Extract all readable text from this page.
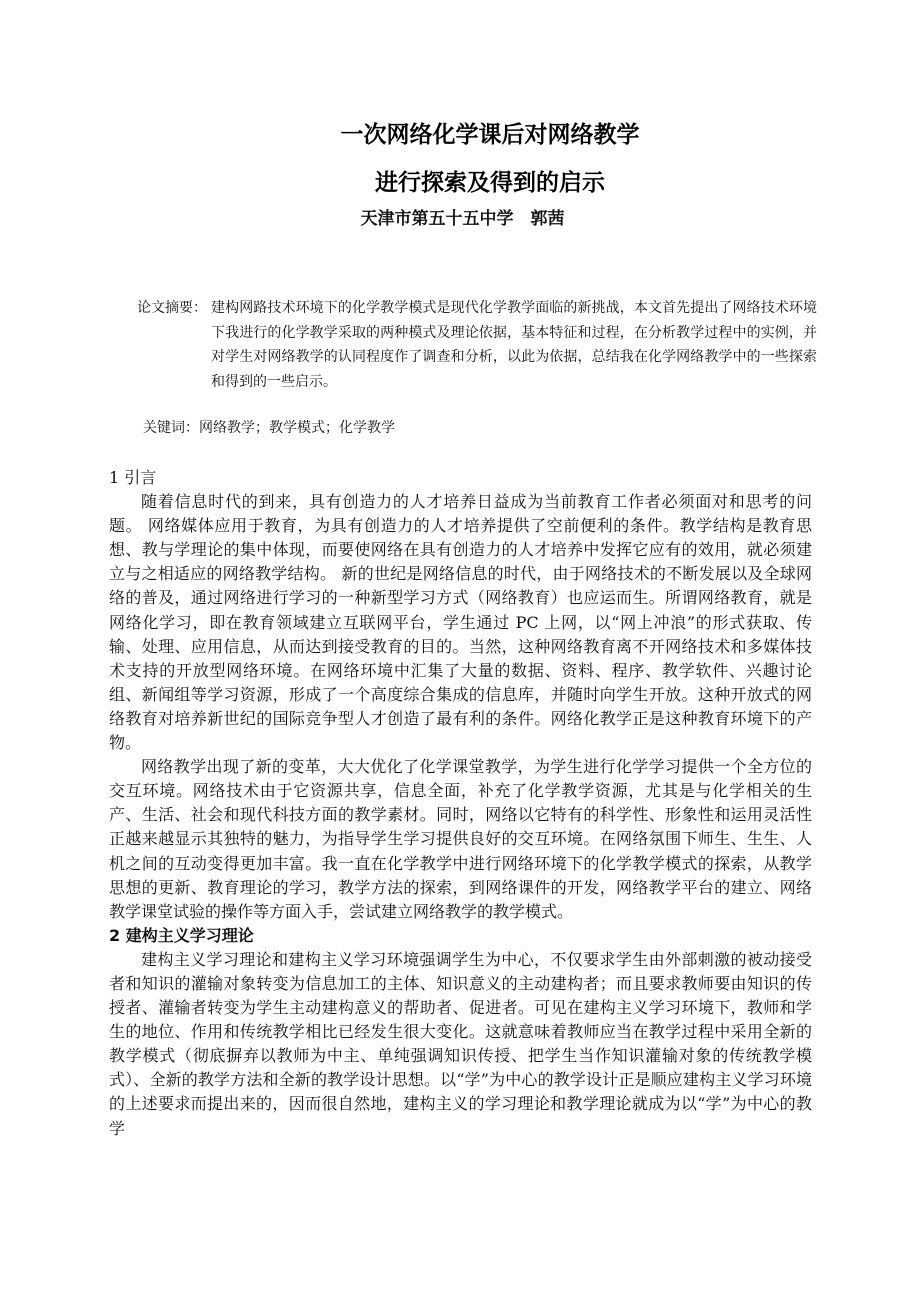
一次网络化学课后对网络教学
进行探索及得到的启示
天津市第五十五中学　郭茜
论文摘要： 建构网路技术环境下的化学教学模式是现代化学教学面临的新挑战，本文首先提出了网络技术环境下我进行的化学教学采取的两种模式及理论依据，基本特征和过程，在分析教学过程中的实例，并对学生对网络教学的认同程度作了调查和分析，以此为依据，总结我在化学网络教学中的一些探索和得到的一些启示。
关键词：网络教学；教学模式；化学教学
1 引言

随着信息时代的到来，具有创造力的人才培养日益成为当前教育工作者必须面对和思考的问题。 网络媒体应用于教育，为具有创造力的人才培养提供了空前便利的条件。教学结构是教育思想、教与学理论的集中体现，而要使网络在具有创造力的人才培养中发挥它应有的效用，就必须建立与之相适应的网络教学结构。 新的世纪是网络信息的时代，由于网络技术的不断发展以及全球网络的普及，通过网络进行学习的一种新型学习方式（网络教育）也应运而生。所谓网络教育，就是网络化学习，即在教育领域建立互联网平台，学生通过 PC 上网，以“网上冲浪”的形式获取、传输、处理、应用信息，从而达到接受教育的目的。当然，这种网络教育离不开网络技术和多媒体技术支持的开放型网络环境。在网络环境中汇集了大量的数据、资料、程序、教学软件、兴趣讨论组、新闻组等学习资源，形成了一个高度综合集成的信息库，并随时向学生开放。这种开放式的网络教育对培养新世纪的国际竞争型人才创造了最有利的条件。网络化教学正是这种教育环境下的产物。

网络教学出现了新的变革，大大优化了化学课堂教学，为学生进行化学学习提供一个全方位的交互环境。网络技术由于它资源共享，信息全面，补充了化学教学资源，尤其是与化学相关的生产、生活、社会和现代科技方面的教学素材。同时，网络以它特有的科学性、形象性和运用灵活性正越来越显示其独特的魅力，为指导学生学习提供良好的交互环境。在网络氛围下师生、生生、人机之间的互动变得更加丰富。我一直在化学教学中进行网络环境下的化学教学模式的探索，从教学思想的更新、教育理论的学习，教学方法的探索，到网络课件的开发，网络教学平台的建立、网络教学课堂试验的操作等方面入手，尝试建立网络教学的教学模式。

2 建构主义学习理论

建构主义学习理论和建构主义学习环境强调学生为中心，不仅要求学生由外部刺激的被动接受者和知识的灌输对象转变为信息加工的主体、知识意义的主动建构者；而且要求教师要由知识的传授者、灌输者转变为学生主动建构意义的帮助者、促进者。可见在建构主义学习环境下，教师和学生的地位、作用和传统教学相比已经发生很大变化。这就意味着教师应当在教学过程中采用全新的教学模式（彻底摒弃以教师为中主、单纯强调知识传授、把学生当作知识灌输对象的传统教学模式）、全新的教学方法和全新的教学设计思想。以“学”为中心的教学设计正是顺应建构主义学习环境的上述要求而提出来的，因而很自然地，建构主义的学习理论和教学理论就成为以“学”为中心的教学
